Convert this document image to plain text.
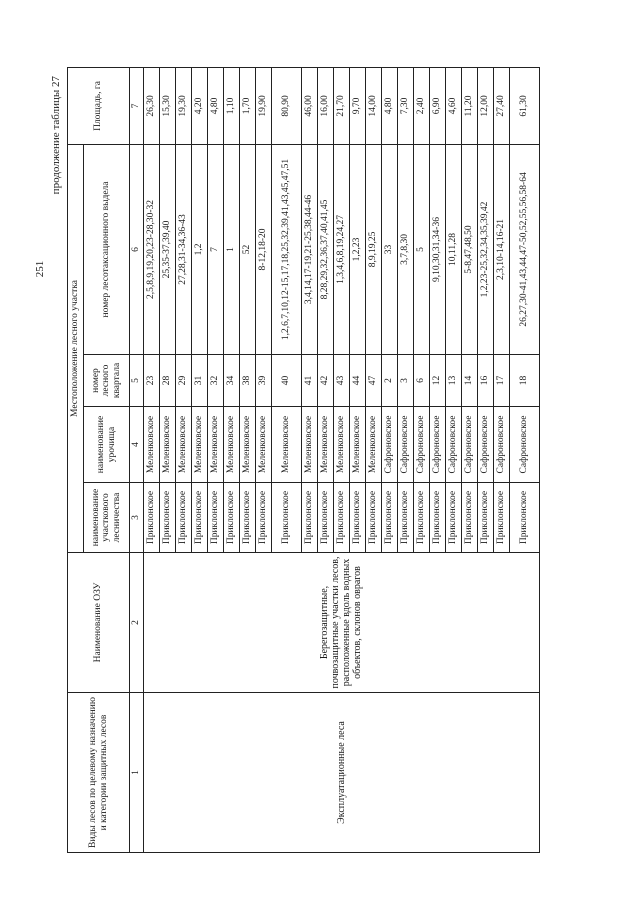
251
продолжение таблицы 27
Виды лесов по целевому назначению и категории защитных лесов	Наименование ОЗУ	Местоположение лесного участка				Площадь, га
		наименование участкового лесничества	наименование урочища	номер лесного квартала	номер лесотаксационного выдела	
1	2	3	4	5	6	7
Эксплуатационные леса	Берегозащитные, почвозащитные участки лесов, расположенные вдоль водных объектов, склонов оврагов	Приклонское	Меленковское	23	2,5,8,9,19,20,23-28,30-32	26,30
		Приклонское	Меленковское	28	25,35-37,39,40	15,30
		Приклонское	Меленковское	29	27,28,31-34,36-43	19,30
		Приклонское	Меленковское	31	1,2	4,20
		Приклонское	Меленковское	32	7	4,80
		Приклонское	Меленковское	34	1	1,10
		Приклонское	Меленковское	38	52	1,70
		Приклонское	Меленковское	39	8-12,18-20	19,90
		Приклонское	Меленковское	40	1,2,6,7,10,12-15,17,18,25,32,39,41,43,45,47,51	80,90
		Приклонское	Меленковское	41	3,4,14,17-19,21-25,38,44-46	46,00
		Приклонское	Меленковское	42	8,28,29,32,36,37,40,41,45	16,00
		Приклонское	Меленковское	43	1,3,4,6,8,19,24,27	21,70
		Приклонское	Меленковское	44	1,2,23	9,70
		Приклонское	Меленковское	47	8,9,19,25	14,00
		Приклонское	Сафроновское	2	33	4,80
		Приклонское	Сафроновское	3	3,7,8,30	7,30
		Приклонское	Сафроновское	6	5	2,40
		Приклонское	Сафроновское	12	9,10,30,31,34-36	6,90
		Приклонское	Сафроновское	13	10,11,28	4,60
		Приклонское	Сафроновское	14	5-8,47,48,50	11,20
		Приклонское	Сафроновское	16	1,2,23-25,32,34,35,39,42	12,00
		Приклонское	Сафроновское	17	2,3,10-14,16-21	27,40
		Приклонское	Сафроновское	18	26,27,30-41,43,44,47-50,52,55,56,58-64	61,30
